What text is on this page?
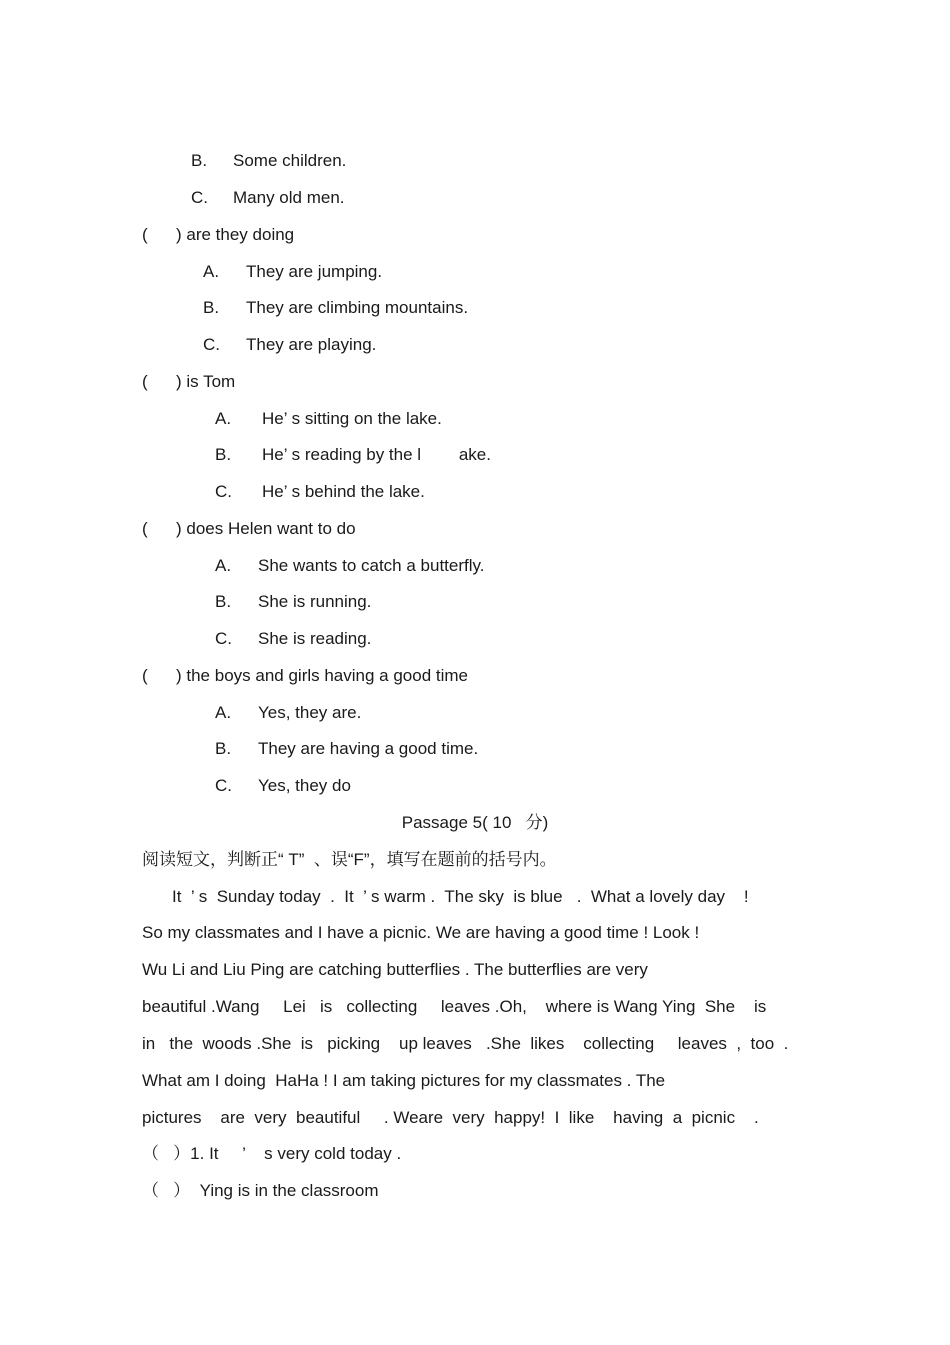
B. Some children.
C. Many old men.
(      ) are they doing
A. They are jumping.
B. They are climbing mountains.
C. They are playing.
(      ) is Tom
A. He’ s sitting on the lake.
B. He’ s reading by the l        ake.
C. He’ s behind the lake.
(      ) does Helen want to do
A. She wants to catch a butterfly.
B. She is running.
C. She is reading.
(      ) the boys and girls having a good time
A. Yes, they are.
B. They are having a good time.
C. Yes, they do
Passage 5( 10   分)
阅读短文，判断正“ T”  、误“F”，填写在题前的括号内。
It  ’ s  Sunday today  .  It  ’ s warm .  The sky  is blue   .  What a lovely day    !
So my classmates and I have a picnic. We are having a good time ! Look !
Wu Li and Liu Ping are catching butterflies . The butterflies are very
beautiful .Wang     Lei   is   collecting     leaves .Oh,    where is Wang Ying  She    is
in   the  woods .She  is   picking    up leaves   .She  likes    collecting     leaves  ,  too  .
What am I doing  HaHa ! I am taking pictures for my classmates . The
pictures    are  very  beautiful     . Weare  very  happy!  I  like    having  a  picnic    .
（   ）1. It     ’    s very cold today .
（   ）  Ying is in the classroom
